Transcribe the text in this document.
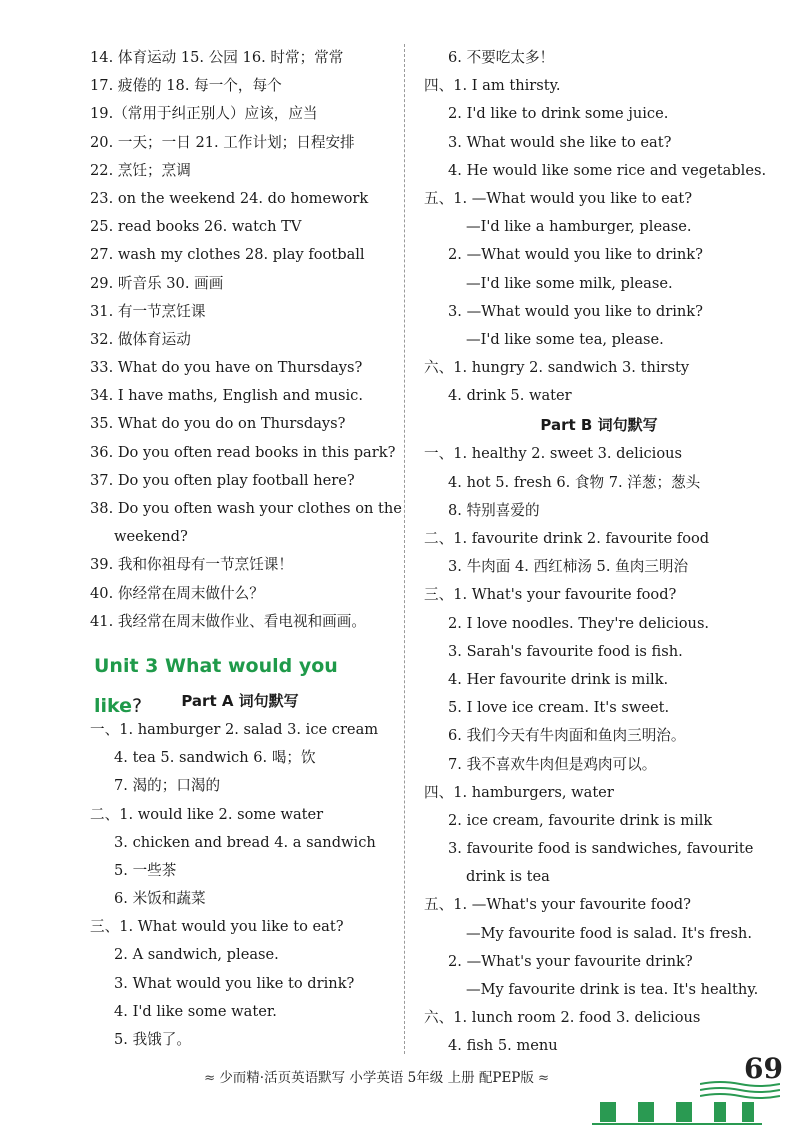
14. 体育运动 15. 公园 16. 时常；常常
17. 疲倦的 18. 每一个，每个
19.（常用于纠正别人）应该，应当
20. 一天；一日 21. 工作计划；日程安排
22. 烹饪；烹调
23. on the weekend 24. do homework
25. read books 26. watch TV
27. wash my clothes 28. play football
29. 听音乐 30. 画画
31. 有一节烹饪课
32. 做体育运动
33. What do you have on Thursdays?
34. I have maths, English and music.
35. What do you do on Thursdays?
36. Do you often read books in this park?
37. Do you often play football here?
38. Do you often wash your clothes on the
weekend?
39. 我和你祖母有一节烹饪课！
40. 你经常在周末做什么？
41. 我经常在周末做作业、看电视和画画。
Unit 3 What would you like?	Part A 词句默写
一、1. hamburger 2. salad 3. ice cream
4. tea 5. sandwich 6. 喝；饮
7. 渴的；口渴的
二、1. would like 2. some water
3. chicken and bread 4. a sandwich
5. 一些茶
6. 米饭和蔬菜
三、1. What would you like to eat?
2. A sandwich, please.
3. What would you like to drink?
4. I'd like some water.
5. 我饿了。
6. 不要吃太多！
四、1. I am thirsty.
2. I'd like to drink some juice.
3. What would she like to eat?
4. He would like some rice and vegetables.
五、1. —What would you like to eat?
—I'd like a hamburger, please.
2. —What would you like to drink?
—I'd like some milk, please.
3. —What would you like to drink?
—I'd like some tea, please.
六、1. hungry 2. sandwich 3. thirsty
4. drink 5. water
Part B 词句默写
一、1. healthy 2. sweet 3. delicious
4. hot 5. fresh 6. 食物 7. 洋葱；葱头
8. 特别喜爱的
二、1. favourite drink 2. favourite food
3. 牛肉面 4. 西红柿汤 5. 鱼肉三明治
三、1. What's your favourite food?
2. I love noodles. They're delicious.
3. Sarah's favourite food is fish.
4. Her favourite drink is milk.
5. I love ice cream. It's sweet.
6. 我们今天有牛肉面和鱼肉三明治。
7. 我不喜欢牛肉但是鸡肉可以。
四、1. hamburgers, water
2. ice cream, favourite drink is milk
3. favourite food is sandwiches, favourite
drink is tea
五、1. —What's your favourite food?
—My favourite food is salad. It's fresh.
2. —What's your favourite drink?
—My favourite drink is tea. It's healthy.
六、1. lunch room 2. food 3. delicious
4. fish 5. menu
≈ 少而精·活页英语默写 小学英语 5年级 上册 配PEP版 ≈	69
